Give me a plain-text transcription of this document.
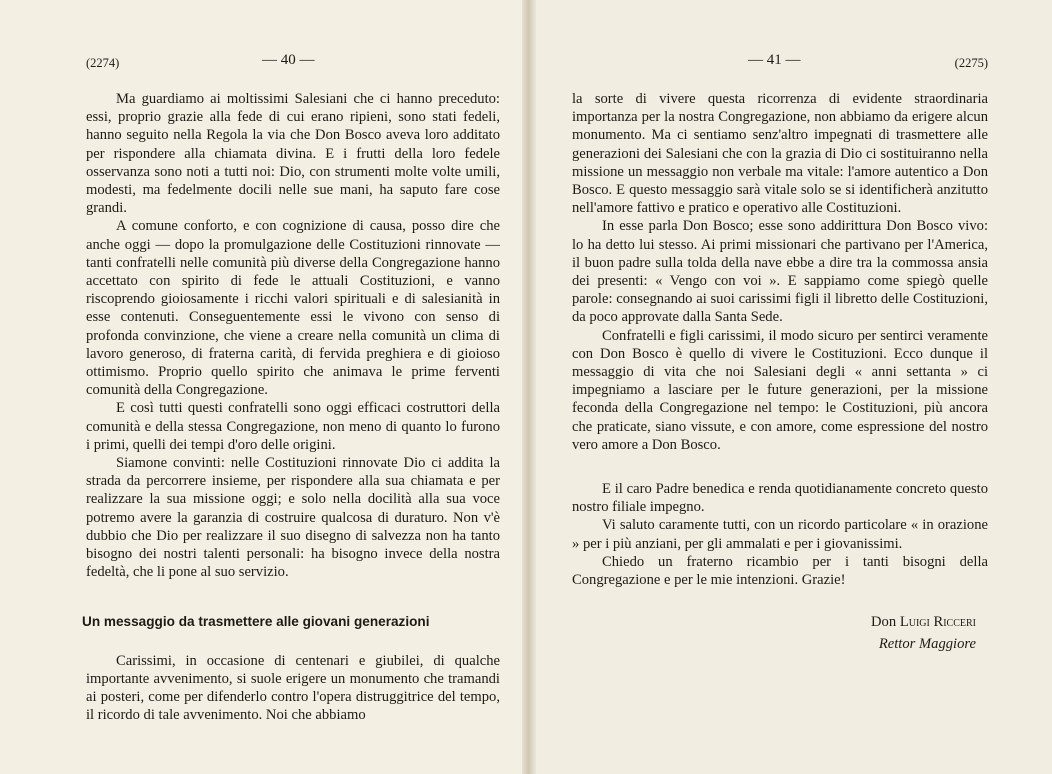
(2274)	— 40 —

Ma guardiamo ai moltissimi Salesiani che ci hanno preceduto: essi, proprio grazie alla fede di cui erano ripieni, sono stati fedeli, hanno seguito nella Regola la via che Don Bosco aveva loro additato per rispondere alla chiamata divina. E i frutti della loro fedele osservanza sono noti a tutti noi: Dio, con strumenti molte volte umili, modesti, ma fedelmente docili nelle sue mani, ha saputo fare cose grandi.

A comune conforto, e con cognizione di causa, posso dire che anche oggi — dopo la promulgazione delle Costituzioni rinnovate — tanti confratelli nelle comunità più diverse della Congregazione hanno accettato con spirito di fede le attuali Costituzioni, e vanno riscoprendo gioiosamente i ricchi valori spirituali e di salesianità in esse contenuti. Conseguentemente essi le vivono con senso di profonda convinzione, che viene a creare nella comunità un clima di lavoro generoso, di fraterna carità, di fervida preghiera e di gioioso ottimismo. Proprio quello spirito che animava le prime ferventi comunità della Congregazione.

E così tutti questi confratelli sono oggi efficaci costruttori della comunità e della stessa Congregazione, non meno di quanto lo furono i primi, quelli dei tempi d'oro delle origini.

Siamone convinti: nelle Costituzioni rinnovate Dio ci addita la strada da percorrere insieme, per rispondere alla sua chiamata e per realizzare la sua missione oggi; e solo nella docilità alla sua voce potremo avere la garanzia di costruire qualcosa di duraturo. Non v'è dubbio che Dio per realizzare il suo disegno di salvezza non ha tanto bisogno dei nostri talenti personali: ha bisogno invece della nostra fedeltà, che li pone al suo servizio.

Un messaggio da trasmettere alle giovani generazioni

Carissimi, in occasione di centenari e giubilei, di qualche importante avvenimento, si suole erigere un monumento che tramandi ai posteri, come per difenderlo contro l'opera distruggitrice del tempo, il ricordo di tale avvenimento. Noi che abbiamo

— 41 —	(2275)

la sorte di vivere questa ricorrenza di evidente straordinaria importanza per la nostra Congregazione, non abbiamo da erigere alcun monumento. Ma ci sentiamo senz'altro impegnati di trasmettere alle generazioni dei Salesiani che con la grazia di Dio ci sostituiranno nella missione un messaggio non verbale ma vitale: l'amore autentico a Don Bosco. E questo messaggio sarà vitale solo se si identificherà anzitutto nell'amore fattivo e pratico e operativo alle Costituzioni.

In esse parla Don Bosco; esse sono addirittura Don Bosco vivo: lo ha detto lui stesso. Ai primi missionari che partivano per l'America, il buon padre sulla tolda della nave ebbe a dire tra la commossa ansia dei presenti: « Vengo con voi ». E sappiamo come spiegò quelle parole: consegnando ai suoi carissimi figli il libretto delle Costituzioni, da poco approvate dalla Santa Sede.

Confratelli e figli carissimi, il modo sicuro per sentirci veramente con Don Bosco è quello di vivere le Costituzioni. Ecco dunque il messaggio di vita che noi Salesiani degli « anni settanta » ci impegniamo a lasciare per le future generazioni, per la missione feconda della Congregazione nel tempo: le Costituzioni, più ancora che praticate, siano vissute, e con amore, come espressione del nostro vero amore a Don Bosco.

E il caro Padre benedica e renda quotidianamente concreto questo nostro filiale impegno.

Vi saluto caramente tutti, con un ricordo particolare « in orazione » per i più anziani, per gli ammalati e per i giovanissimi.

Chiedo un fraterno ricambio per i tanti bisogni della Congregazione e per le mie intenzioni. Grazie!

Don Luigi Ricceri
Rettor Maggiore
